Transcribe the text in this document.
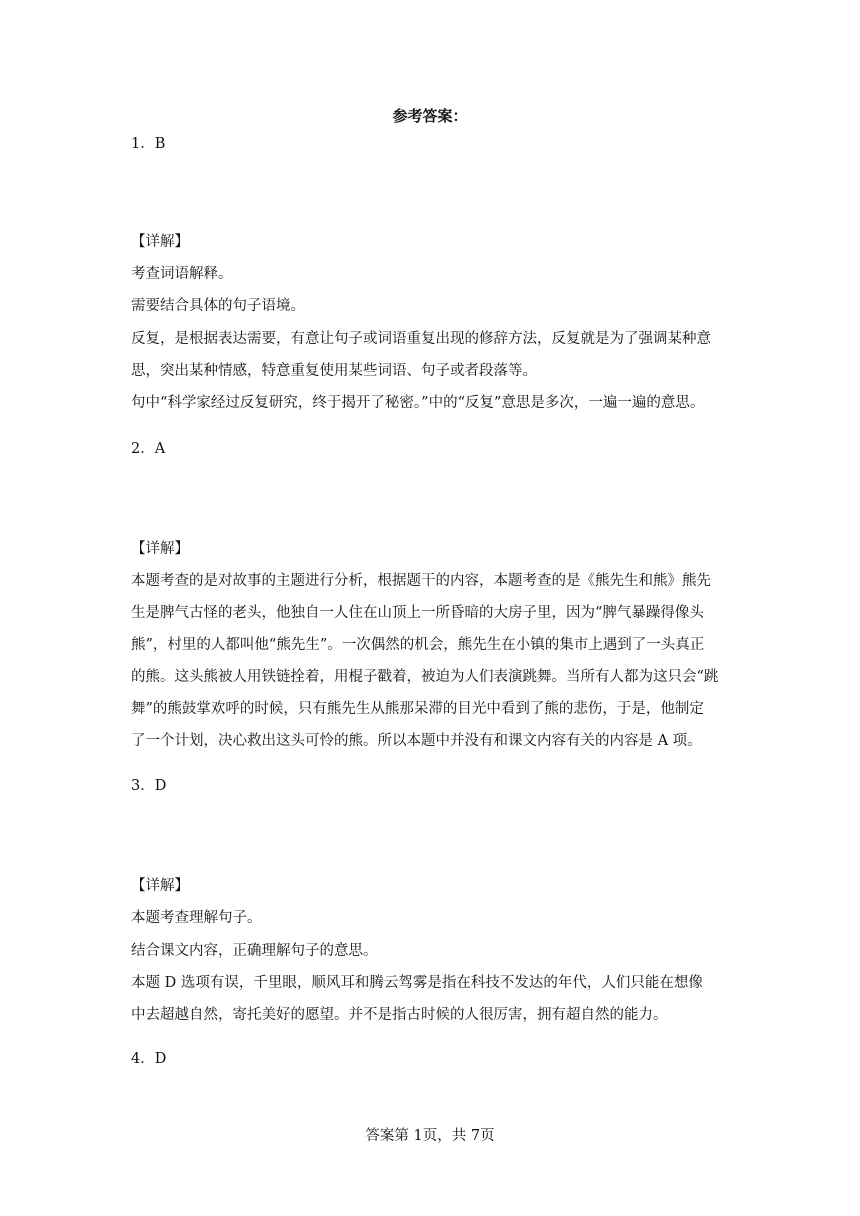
参考答案：
1．B
【详解】
考查词语解释。
需要结合具体的句子语境。
反复，是根据表达需要，有意让句子或词语重复出现的修辞方法，反复就是为了强调某种意
思，突出某种情感，特意重复使用某些词语、句子或者段落等。
句中“科学家经过反复研究，终于揭开了秘密。”中的“反复”意思是多次，一遍一遍的意思。
2．A
【详解】
本题考查的是对故事的主题进行分析，根据题干的内容，本题考查的是《熊先生和熊》熊先
生是脾气古怪的老头，他独自一人住在山顶上一所昏暗的大房子里，因为“脾气暴躁得像头
熊”，村里的人都叫他“熊先生”。一次偶然的机会，熊先生在小镇的集市上遇到了一头真正
的熊。这头熊被人用铁链拴着，用棍子戳着，被迫为人们表演跳舞。当所有人都为这只会“跳
舞”的熊鼓掌欢呼的时候，只有熊先生从熊那呆滞的目光中看到了熊的悲伤，于是，他制定
了一个计划，决心救出这头可怜的熊。所以本题中并没有和课文内容有关的内容是 A 项。
3．D
【详解】
本题考查理解句子。
结合课文内容，正确理解句子的意思。
本题 D 选项有误，千里眼，顺风耳和腾云驾雾是指在科技不发达的年代，人们只能在想像
中去超越自然，寄托美好的愿望。并不是指古时候的人很厉害，拥有超自然的能力。
4．D
答案第 1页，共 7页
